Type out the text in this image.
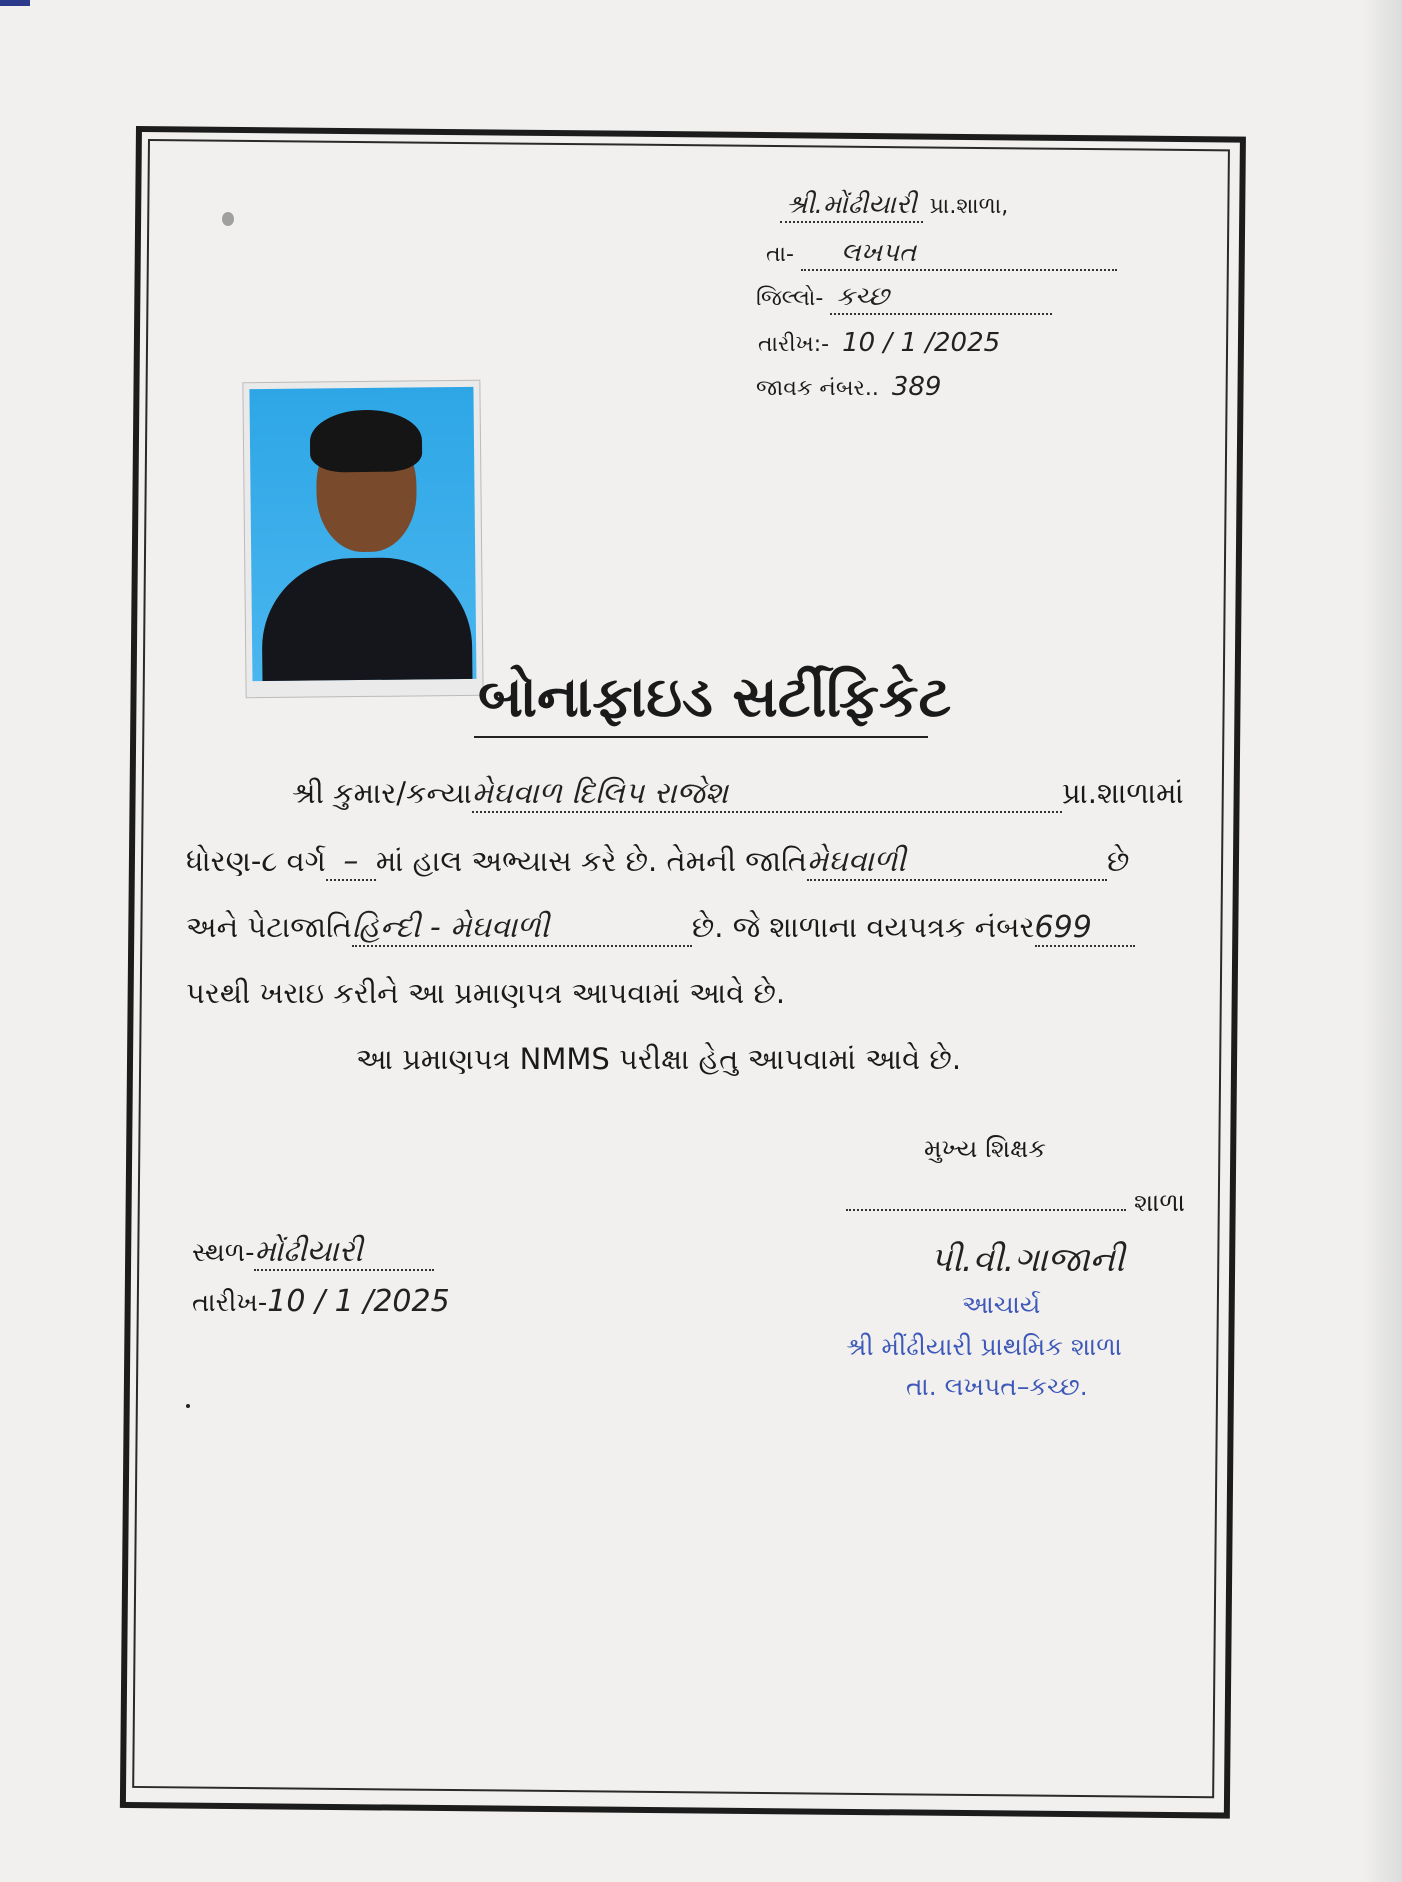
શ્રી.મોંઢીયારી પ્રા.શાળા,
તા- લખપત
જિલ્લો- કચ્છ
તારીખ:- 10 / 1 /2025
જાવક નંબર.. 389
બોનાફાઇડ સર્ટીફિકેટ
શ્રી કુમાર/કન્યામેઘવાળ દિલિપ રાજેશ	પ્રા.શાળામાં
ધોરણ-૮ વર્ગ – માં હાલ અભ્યાસ કરે છે. તેમની જાતિમેઘવાળી	છે
અને પેટાજાતિહિન્દી - મેઘવાળી	છે. જે શાળાના વયપત્રક નંબર699
પરથી ખરાઇ કરીને આ પ્રમાણપત્ર આપવામાં આવે છે.
આ પ્રમાણપત્ર NMMS પરીક્ષા હેતુ આપવામાં આવે છે.
મુખ્ય શિક્ષક
શાળા
પી.વી.ગાજાની
આચાર્ય
શ્રી મીંઢીયારી પ્રાથમિક શાળા
તા. લખપત–કચ્છ.
સ્થળ-મોંઢીયારી
તારીખ-10 / 1 /2025
